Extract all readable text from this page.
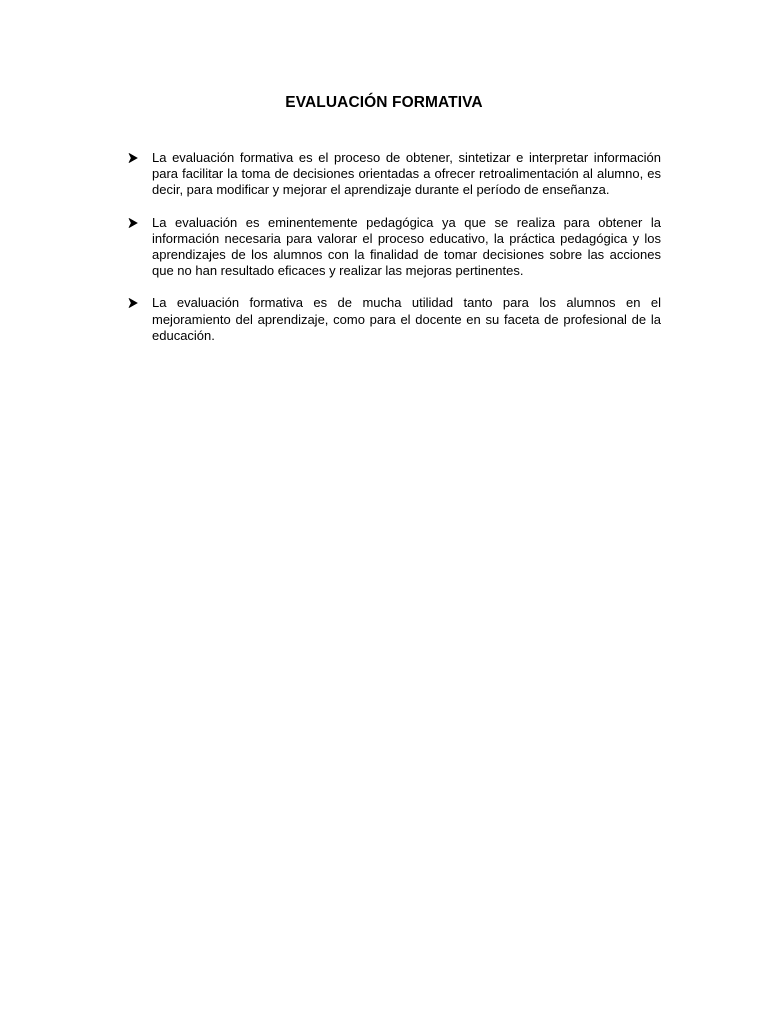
EVALUACIÓN FORMATIVA

La evaluación formativa es el proceso de obtener, sintetizar e interpretar información para facilitar la toma de decisiones orientadas a ofrecer retroalimentación al alumno, es decir, para modificar y mejorar el aprendizaje durante el período de enseñanza.

La evaluación es eminentemente pedagógica ya que se realiza para obtener la información necesaria para valorar el proceso educativo, la práctica pedagógica y los aprendizajes de los alumnos con la finalidad de tomar decisiones sobre las acciones que no han resultado eficaces y realizar las mejoras pertinentes.

La evaluación formativa es de mucha utilidad tanto para los alumnos en el mejoramiento del aprendizaje, como para el docente en su faceta de profesional de la educación.
